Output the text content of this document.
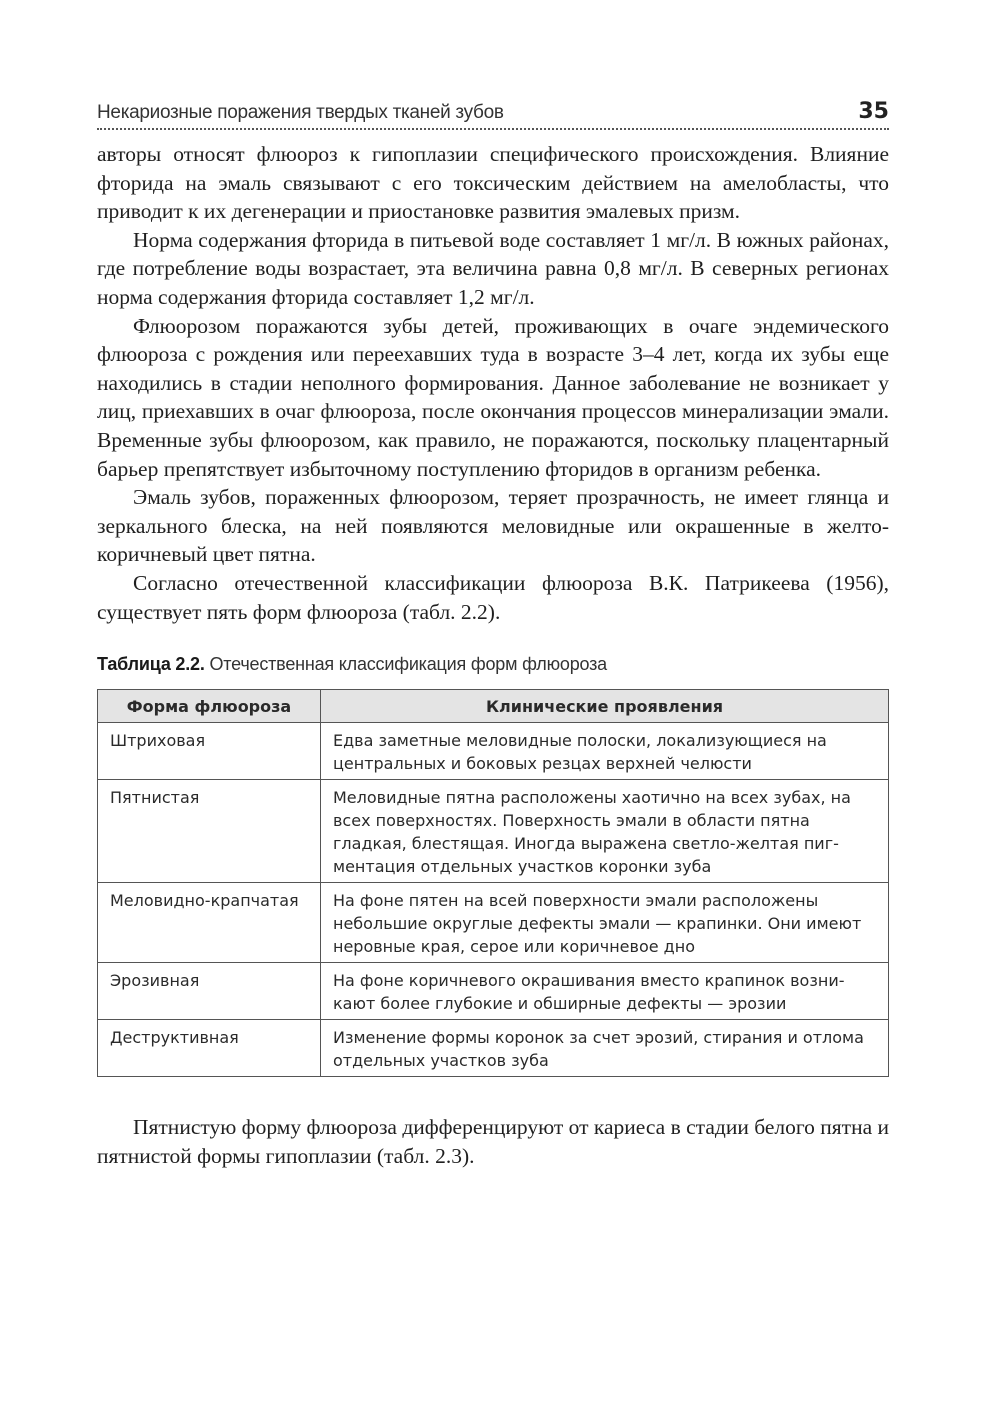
Некариозные поражения твердых тканей зубов	35

авторы относят флюороз к гипоплазии специфического происхождения. Влияние фторида на эмаль связывают с его токсическим действием на амелобласты, что приводит к их дегенерации и приостановке развития эмалевых призм.

Норма содержания фторида в питьевой воде составляет 1 мг/л. В южных районах, где потребление воды возрастает, эта величина равна 0,8 мг/л. В северных регионах норма содержания фторида составляет 1,2 мг/л.

Флюорозом поражаются зубы детей, проживающих в очаге эндемического флюороза с рождения или переехавших туда в возрасте 3–4 лет, когда их зубы еще находились в стадии неполного формирования. Данное заболевание не возникает у лиц, приехавших в очаг флюороза, после окончания процессов минерализации эмали. Временные зубы флюорозом, как правило, не поражаются, поскольку плацентарный барьер препятствует избыточному поступлению фторидов в организм ребенка.

Эмаль зубов, пораженных флюорозом, теряет прозрачность, не имеет глянца и зеркального блеска, на ней появляются меловидные или окрашенные в желто-коричневый цвет пятна.

Согласно отечественной классификации флюороза В.К. Патрикеева (1956), существует пять форм флюороза (табл. 2.2).

Таблица 2.2. Отечественная классификация форм флюороза
Форма флюороза	Клинические проявления
Штриховая	Едва заметные меловидные полоски, локализующиеся на центральных и боковых резцах верхней челюсти
Пятнистая	Меловидные пятна расположены хаотично на всех зубах, на всех поверхностях. Поверхность эмали в области пятна гладкая, блестящая. Иногда выражена светло-желтая пигментация отдельных участков коронки зуба
Меловидно-крапчатая	На фоне пятен на всей поверхности эмали расположены небольшие округлые дефекты эмали — крапинки. Они имеют неровные края, серое или коричневое дно
Эрозивная	На фоне коричневого окрашивания вместо крапинок возникают более глубокие и обширные дефекты — эрозии
Деструктивная	Изменение формы коронок за счет эрозий, стирания и отлома отдельных участков зуба

Пятнистую форму флюороза дифференцируют от кариеса в стадии белого пятна и пятнистой формы гипоплазии (табл. 2.3).
